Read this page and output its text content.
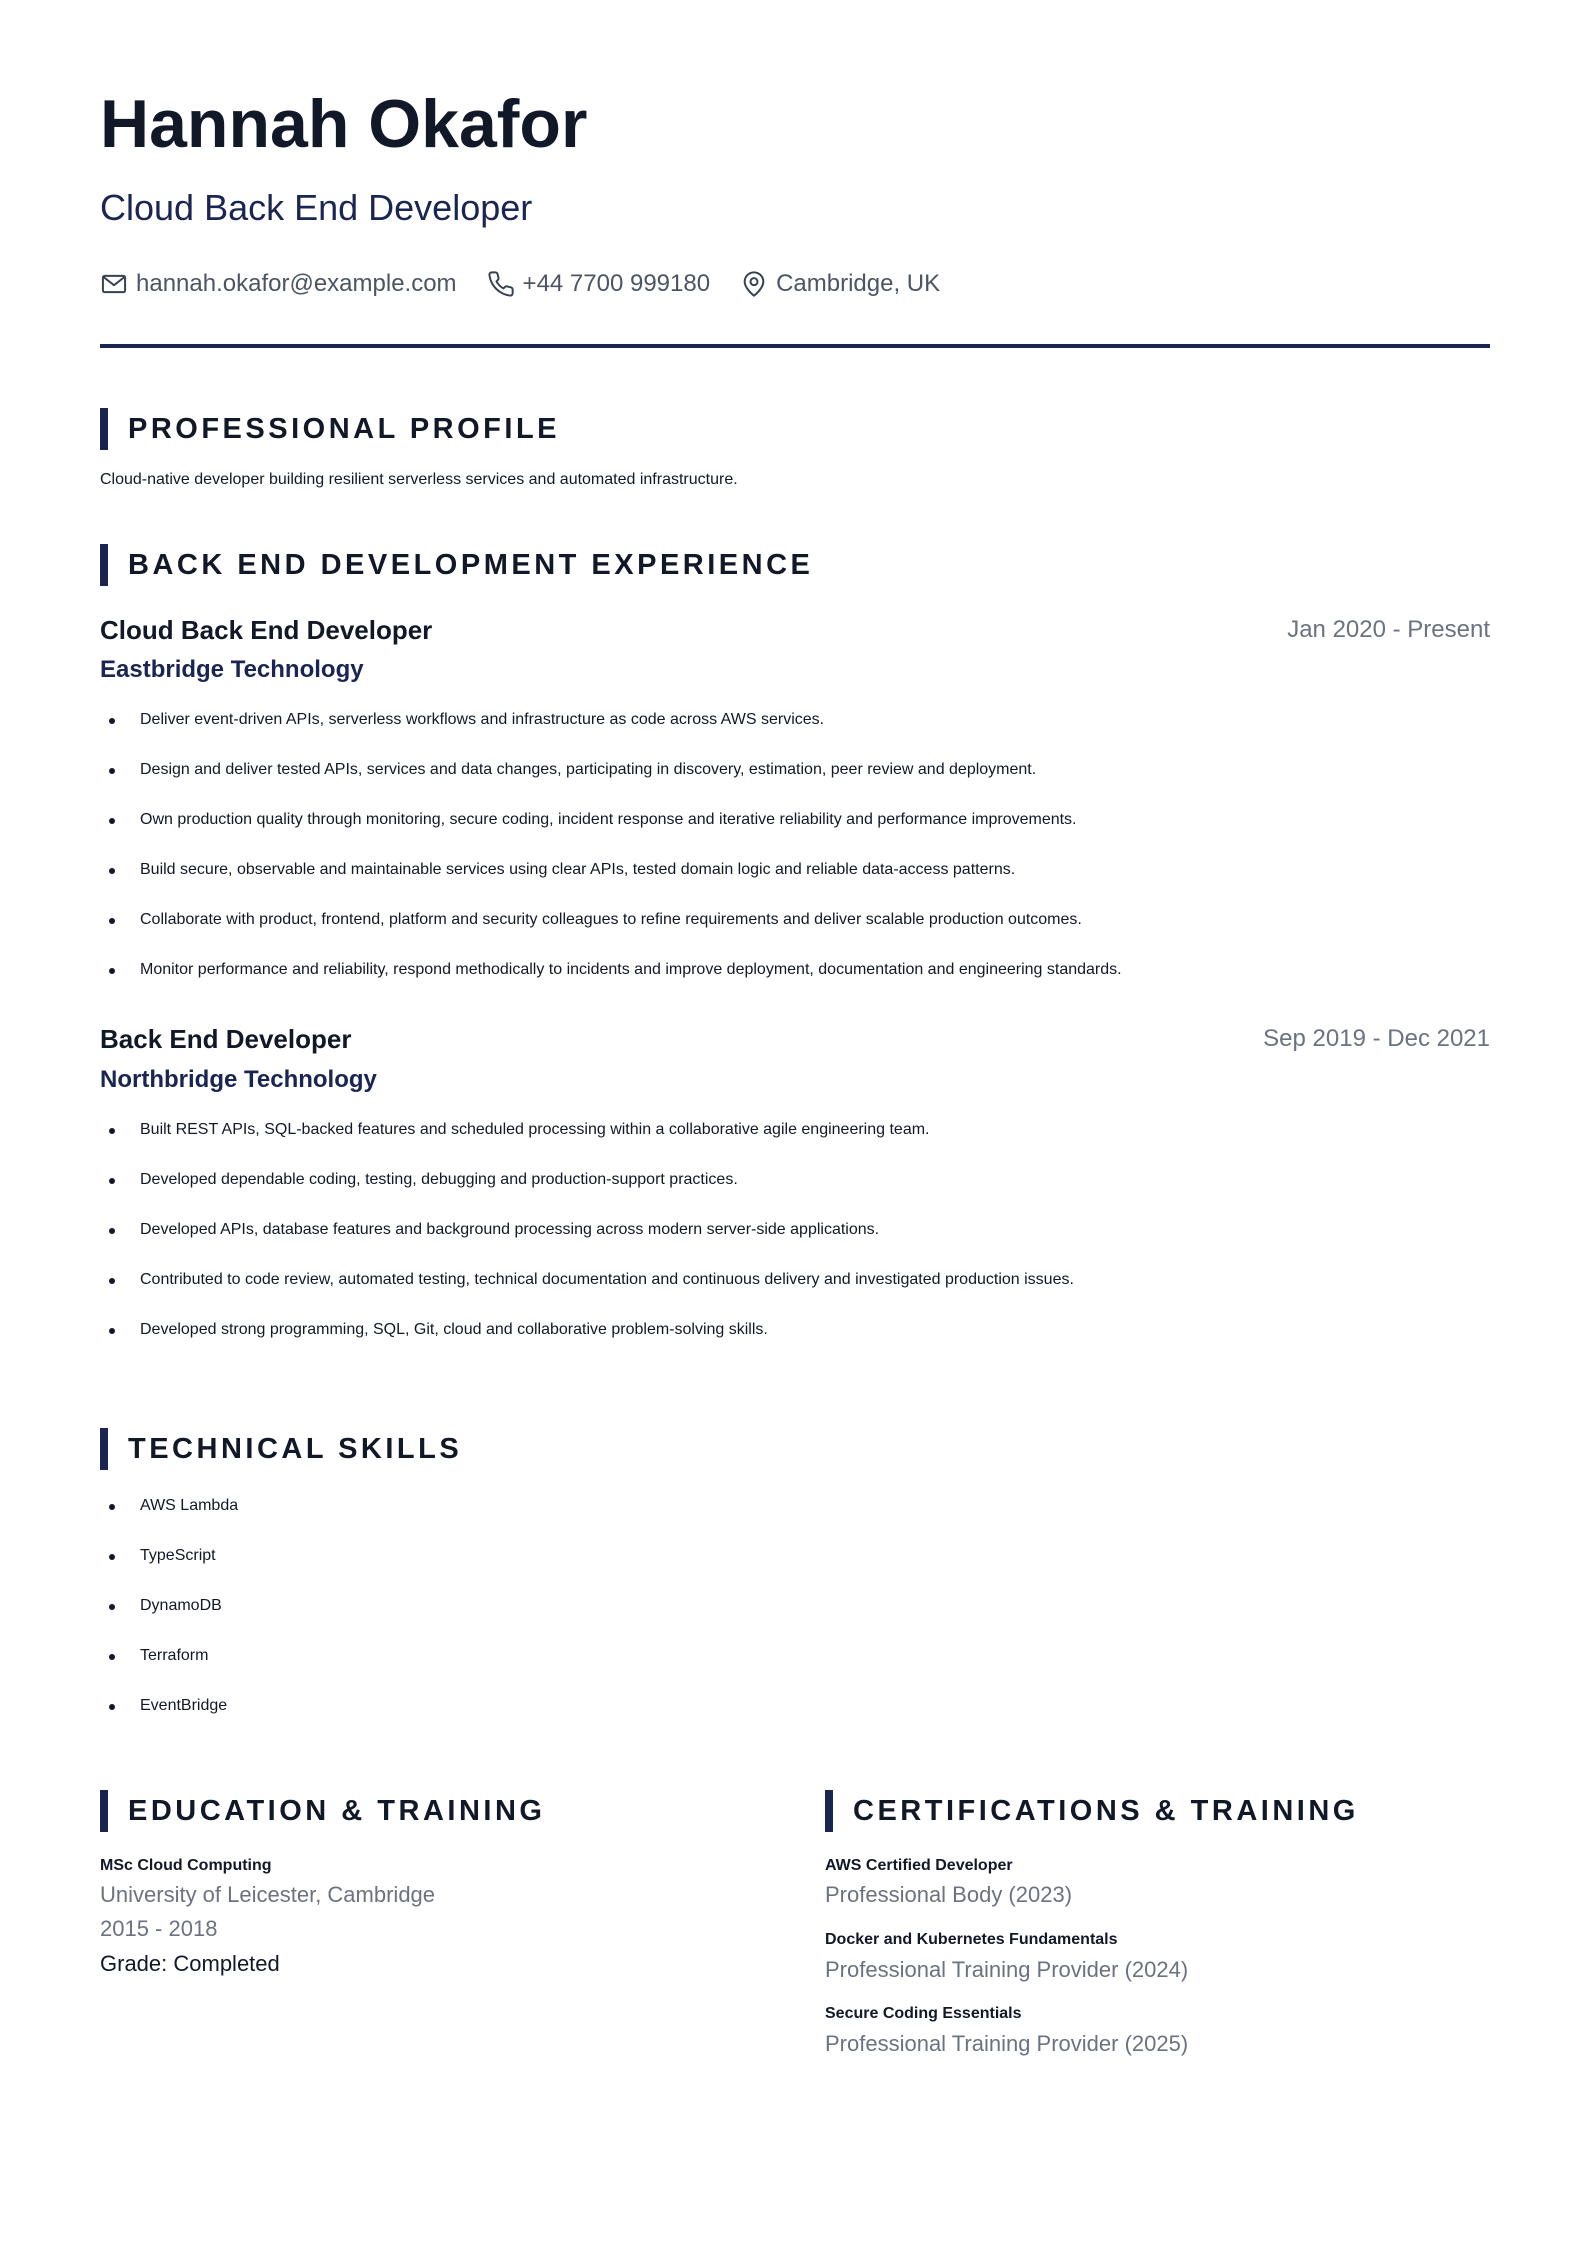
Hannah Okafor
Cloud Back End Developer
hannah.okafor@example.com	+44 7700 999180	Cambridge, UK
PROFESSIONAL PROFILE
Cloud-native developer building resilient serverless services and automated infrastructure.
BACK END DEVELOPMENT EXPERIENCE
Cloud Back End Developer	Jan 2020 - Present
Eastbridge Technology
Deliver event-driven APIs, serverless workflows and infrastructure as code across AWS services.
Design and deliver tested APIs, services and data changes, participating in discovery, estimation, peer review and deployment.
Own production quality through monitoring, secure coding, incident response and iterative reliability and performance improvements.
Build secure, observable and maintainable services using clear APIs, tested domain logic and reliable data-access patterns.
Collaborate with product, frontend, platform and security colleagues to refine requirements and deliver scalable production outcomes.
Monitor performance and reliability, respond methodically to incidents and improve deployment, documentation and engineering standards.
Back End Developer	Sep 2019 - Dec 2021
Northbridge Technology
Built REST APIs, SQL-backed features and scheduled processing within a collaborative agile engineering team.
Developed dependable coding, testing, debugging and production-support practices.
Developed APIs, database features and background processing across modern server-side applications.
Contributed to code review, automated testing, technical documentation and continuous delivery and investigated production issues.
Developed strong programming, SQL, Git, cloud and collaborative problem-solving skills.
TECHNICAL SKILLS
AWS Lambda
TypeScript
DynamoDB
Terraform
EventBridge
EDUCATION & TRAINING
MSc Cloud Computing
University of Leicester, Cambridge
2015 - 2018
Grade: Completed
CERTIFICATIONS & TRAINING
AWS Certified Developer
Professional Body (2023)
Docker and Kubernetes Fundamentals
Professional Training Provider (2024)
Secure Coding Essentials
Professional Training Provider (2025)
